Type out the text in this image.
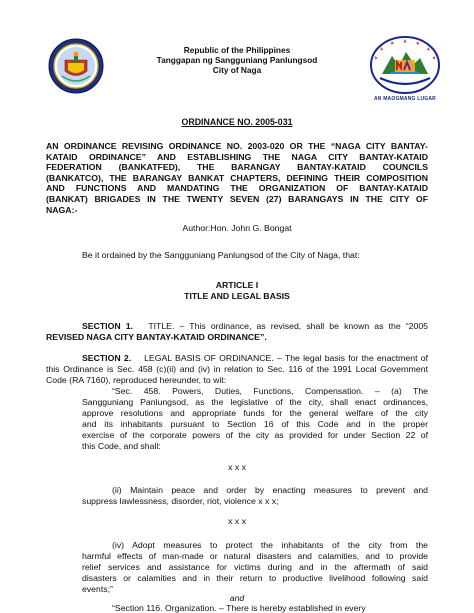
AN MAOGMANG LUGAR
Republic of the Philippines
Tanggapan ng Sangguniang Panlungsod
City of Naga
ORDINANCE NO. 2005-031
AN ORDINANCE REVISING ORDINANCE NO. 2003-020 OR THE “NAGA CITY BANTAY-
KATAID ORDINANCE” AND ESTABLISHING THE NAGA CITY BANTAY-KATAID
FEDERATION (BANKATFED), THE BARANGAY BANTAY-KATAID COUNCILS
(BANKATCO), THE BARANGAY BANKAT CHAPTERS, DEFINING THEIR COMPOSITION
AND FUNCTIONS AND MANDATING THE ORGANIZATION OF BANTAY-KATAID
(BANKAT) BRIGADES IN THE TWENTY SEVEN (27) BARANGAYS IN THE CITY OF
NAGA:-
Author:Hon. John G. Bongat
Be it ordained by the Sangguniang Panlungsod of the City of Naga, that:
ARTICLE I
TITLE AND LEGAL BASIS
SECTION 1. TITLE. – This ordinance, as revised, shall be known as the “2005
REVISED NAGA CITY BANTAY-KATAID ORDINANCE”.
SECTION 2. LEGAL BASIS OF ORDINANCE. – The legal basis for the enactment of
this Ordinance is Sec. 458 (c)(ii) and (iv) in relation to Sec. 116 of the 1991 Local Government
Code (RA 7160), reproduced hereunder, to wit:
“Sec. 458. Powers, Duties, Functions, Compensation. – (a) The
Sangguniang Panlungsod, as the legislative of the city, shall enact ordinances,
approve resolutions and appropriate funds for the general welfare of the city
and its inhabitants pursuant to Section 16 of this Code and in the proper
exercise of the corporate powers of the city as provided for under Section 22 of
this Code, and shall:
x x x
(ii) Maintain peace and order by enacting measures to prevent and
suppress lawlessness, disorder, riot, violence x x x;
x x x
(iv) Adopt measures to protect the inhabitants of the city from the
harmful effects of man-made or natural disasters and calamities, and to provide
relief services and assistance for victims during and in the aftermath of said
disasters or calamities and in their return to productive livelihood following said
events;”
and
“Section 116. Organization. – There is hereby established in every
